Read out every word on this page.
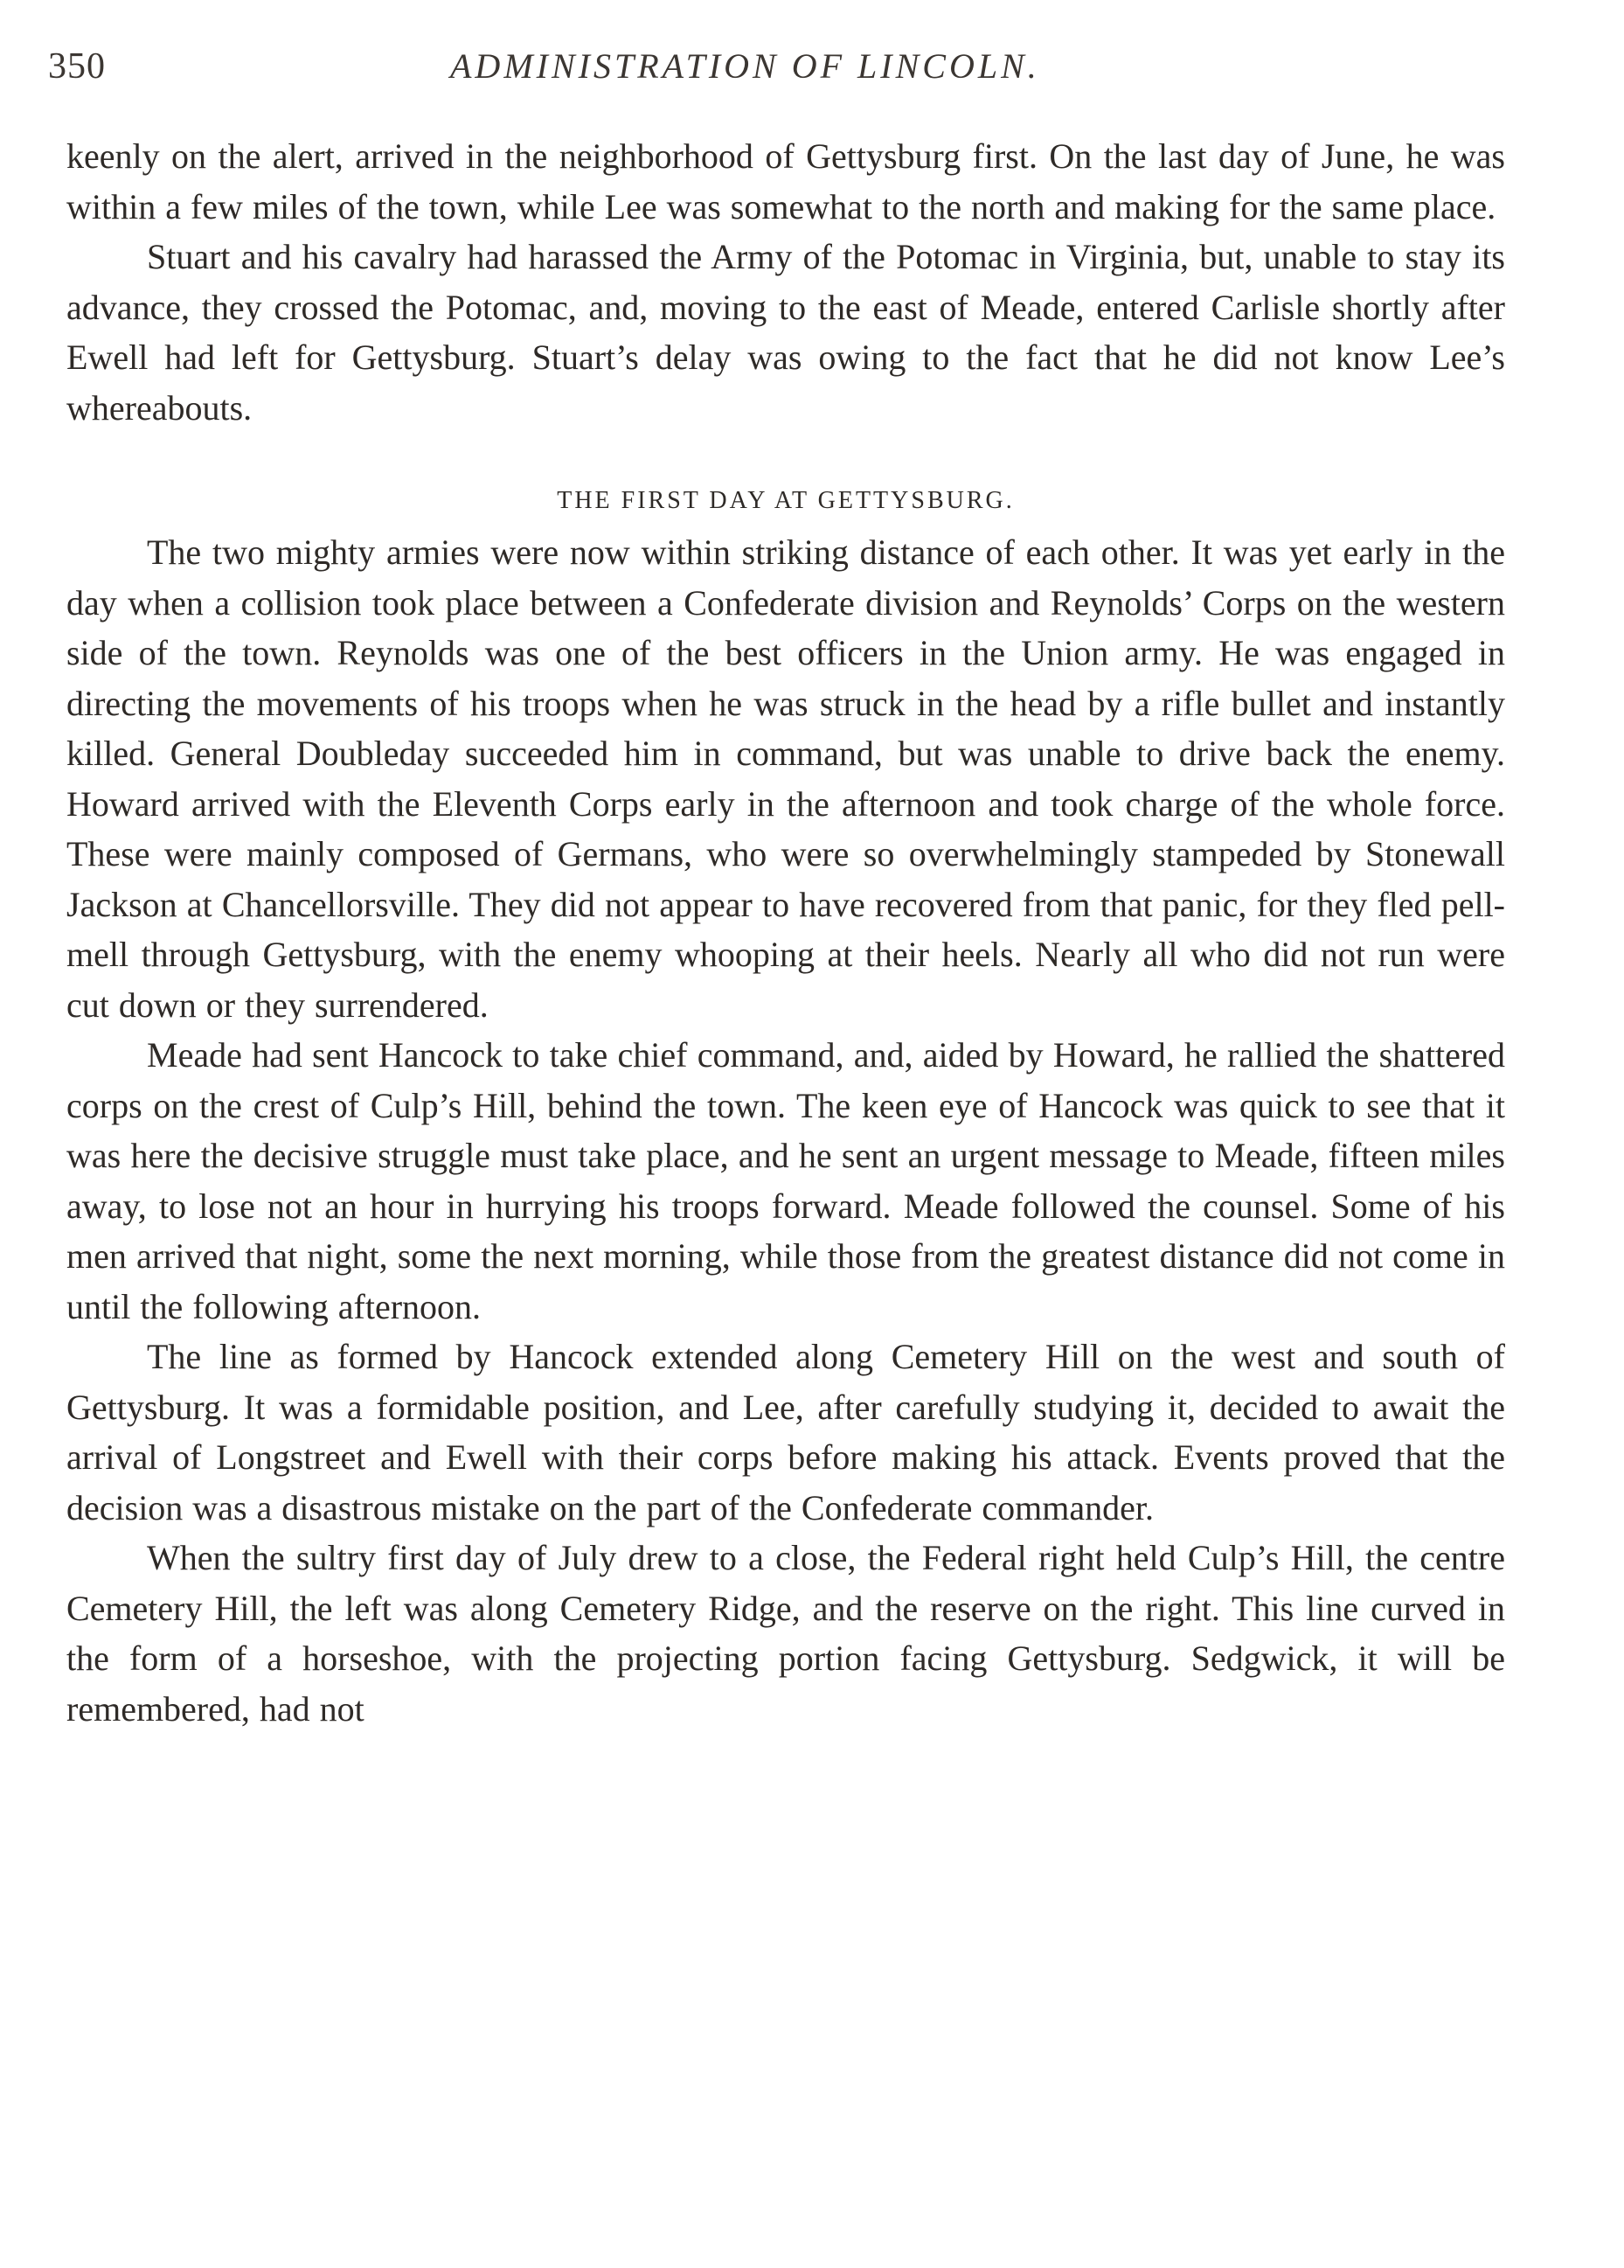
350	ADMINISTRATION OF LINCOLN.

keenly on the alert, arrived in the neighborhood of Gettysburg first. On the last day of June, he was within a few miles of the town, while Lee was somewhat to the north and making for the same place.

Stuart and his cavalry had harassed the Army of the Potomac in Virginia, but, unable to stay its advance, they crossed the Potomac, and, moving to the east of Meade, entered Carlisle shortly after Ewell had left for Gettysburg. Stuart’s delay was owing to the fact that he did not know Lee’s whereabouts.

THE FIRST DAY AT GETTYSBURG.

The two mighty armies were now within striking distance of each other. It was yet early in the day when a collision took place between a Confederate division and Reynolds’ Corps on the western side of the town. Reynolds was one of the best officers in the Union army. He was engaged in directing the movements of his troops when he was struck in the head by a rifle bullet and instantly killed. General Doubleday succeeded him in command, but was unable to drive back the enemy. Howard arrived with the Eleventh Corps early in the afternoon and took charge of the whole force. These were mainly composed of Germans, who were so overwhelmingly stampeded by Stonewall Jackson at Chancellorsville. They did not appear to have recovered from that panic, for they fled pell-mell through Gettysburg, with the enemy whooping at their heels. Nearly all who did not run were cut down or they surrendered.

Meade had sent Hancock to take chief command, and, aided by Howard, he rallied the shattered corps on the crest of Culp’s Hill, behind the town. The keen eye of Hancock was quick to see that it was here the decisive struggle must take place, and he sent an urgent message to Meade, fifteen miles away, to lose not an hour in hurrying his troops forward. Meade followed the counsel. Some of his men arrived that night, some the next morning, while those from the greatest distance did not come in until the following afternoon.

The line as formed by Hancock extended along Cemetery Hill on the west and south of Gettysburg. It was a formidable position, and Lee, after carefully studying it, decided to await the arrival of Longstreet and Ewell with their corps before making his attack. Events proved that the decision was a disastrous mistake on the part of the Confederate commander.

When the sultry first day of July drew to a close, the Federal right held Culp’s Hill, the centre Cemetery Hill, the left was along Cemetery Ridge, and the reserve on the right. This line curved in the form of a horseshoe, with the projecting portion facing Gettysburg. Sedgwick, it will be remembered, had not
